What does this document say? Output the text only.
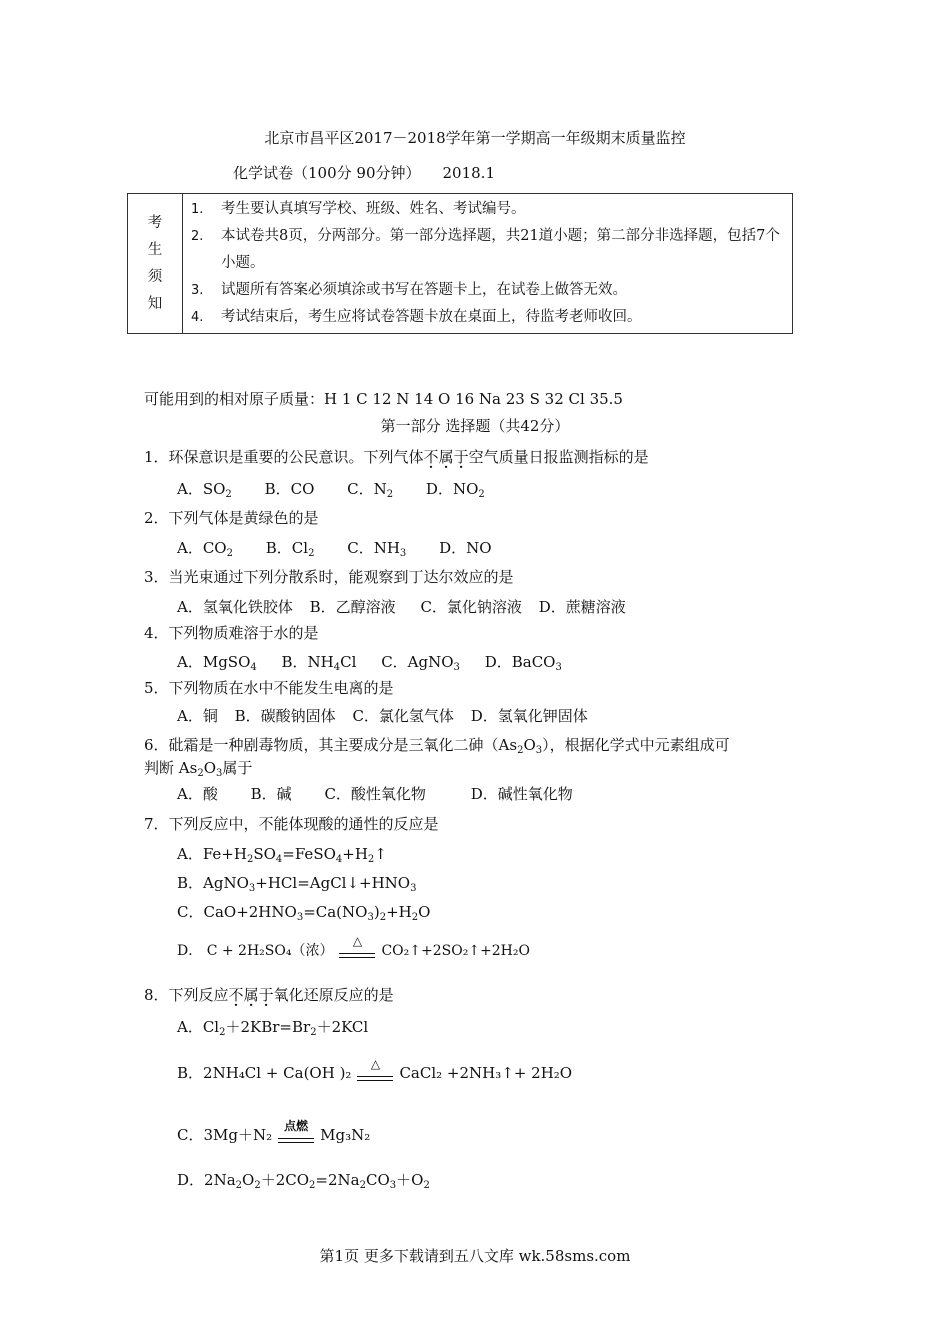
北京市昌平区2017－2018学年第一学期高一年级期末质量监控
化学试卷（100分 90分钟） 2018.1
考
生
须
知

1.	考生要认真填写学校、班级、姓名、考试编号。
2.	本试卷共8页，分两部分。第一部分选择题，共21道小题；第二部分非选择题，包括7个小题。
3.	试题所有答案必须填涂或书写在答题卡上，在试卷上做答无效。
4.	考试结束后，考生应将试卷答题卡放在桌面上，待监考老师收回。
可能用到的相对原子质量：H 1 C 12 N 14 O 16 Na 23 S 32 Cl 35.5
第一部分 选择题（共42分）
1．环保意识是重要的公民意识。下列气体不属于空气质量日报监测指标的是
A．$SO_2$ B．CO C．$N_2$ D．$NO_2$
2．下列气体是黄绿色的是
A．$CO_2$ B．$Cl_2$ C．$NH_3$ D．NO
3．当光束通过下列分散系时，能观察到丁达尔效应的是
A．氢氧化铁胶体 B．乙醇溶液 C．氯化钠溶液 D．蔗糖溶液
4．下列物质难溶于水的是
A．MgSO$_4$ B．$NH_4Cl$ C．AgNO$_3$ D．BaCO$_3$
5．下列物质在水中不能发生电离的是
A．铜 B．碳酸钠固体 C．氯化氢气体 D．氢氧化钾固体
6．砒霜是一种剧毒物质，其主要成分是三氧化二砷$(As_2O_3)$，根据化学式中元素组成可
判断 $As_2O_3$属于
A．酸 B．碱 C．酸性氧化物	D．碱性氧化物
7．下列反应中，不能体现酸的通性的反应是
A．$Fe+H_2SO_4=FeSO_4+H_2↑$
B．$AgNO_3+HCl=AgCl↓+HNO_3$
C．$CaO+2HNO_3=Ca(NO_3)_2+H_2O$
D． C + 2H₂SO₄（浓）
△
CO₂↑+2SO₂↑+2H₂O
8．下列反应不属于氧化还原反应的是
A．$Cl_2+2KBr=Br_2+2KCl$
B．2NH₄Cl + Ca(OH )₂	△	CaCl₂ +2NH₃↑+ 2H₂O
C．3Mg＋N₂ 点燃 Mg₃N₂
D．$2Na_2O_2+2CO_2=2Na_2CO_3+O_2$
第1页 更多下载请到五八文库 wk.58sms.com
